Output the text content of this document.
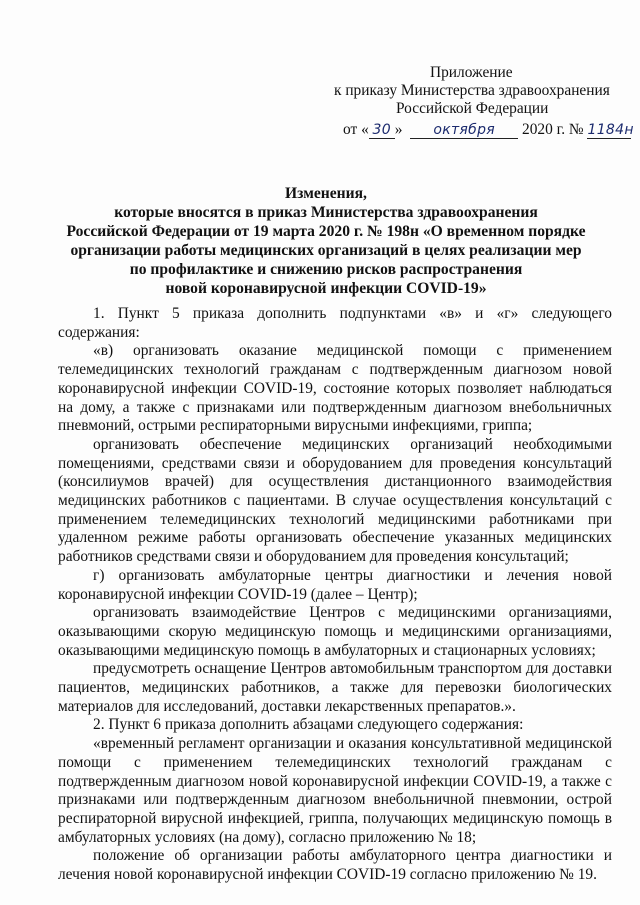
Приложение
к приказу Министерства здравоохранения
Российской Федерации
от « 30 » октября 2020 г. № 1184н
Изменения,
которые вносятся в приказ Министерства здравоохранения
Российской Федерации от 19 марта 2020 г. № 198н «О временном порядке
организации работы медицинских организаций в целях реализации мер
по профилактике и снижению рисков распространения
новой коронавирусной инфекции COVID-19»

1. Пункт 5 приказа дополнить подпунктами «в» и «г» следующего содержания:

«в) организовать оказание медицинской помощи с применением телемедицинских технологий гражданам с подтвержденным диагнозом новой коронавирусной инфекции COVID-19, состояние которых позволяет наблюдаться на дому, а также с признаками или подтвержденным диагнозом внебольничных пневмоний, острыми респираторными вирусными инфекциями, гриппа;

организовать обеспечение медицинских организаций необходимыми помещениями, средствами связи и оборудованием для проведения консультаций (консилиумов врачей) для осуществления дистанционного взаимодействия медицинских работников с пациентами. В случае осуществления консультаций с применением телемедицинских технологий медицинскими работниками при удаленном режиме работы организовать обеспечение указанных медицинских работников средствами связи и оборудованием для проведения консультаций;

г) организовать амбулаторные центры диагностики и лечения новой коронавирусной инфекции COVID-19 (далее – Центр);

организовать взаимодействие Центров с медицинскими организациями, оказывающими скорую медицинскую помощь и медицинскими организациями, оказывающими медицинскую помощь в амбулаторных и стационарных условиях;

предусмотреть оснащение Центров автомобильным транспортом для доставки пациентов, медицинских работников, а также для перевозки биологических материалов для исследований, доставки лекарственных препаратов.».

2. Пункт 6 приказа дополнить абзацами следующего содержания:

«временный регламент организации и оказания консультативной медицинской помощи с применением телемедицинских технологий гражданам с подтвержденным диагнозом новой коронавирусной инфекции COVID-19, а также с признаками или подтвержденным диагнозом внебольничной пневмонии, острой респираторной вирусной инфекцией, гриппа, получающих медицинскую помощь в амбулаторных условиях (на дому), согласно приложению № 18;

положение об организации работы амбулаторного центра диагностики и лечения новой коронавирусной инфекции COVID-19 согласно приложению № 19.
